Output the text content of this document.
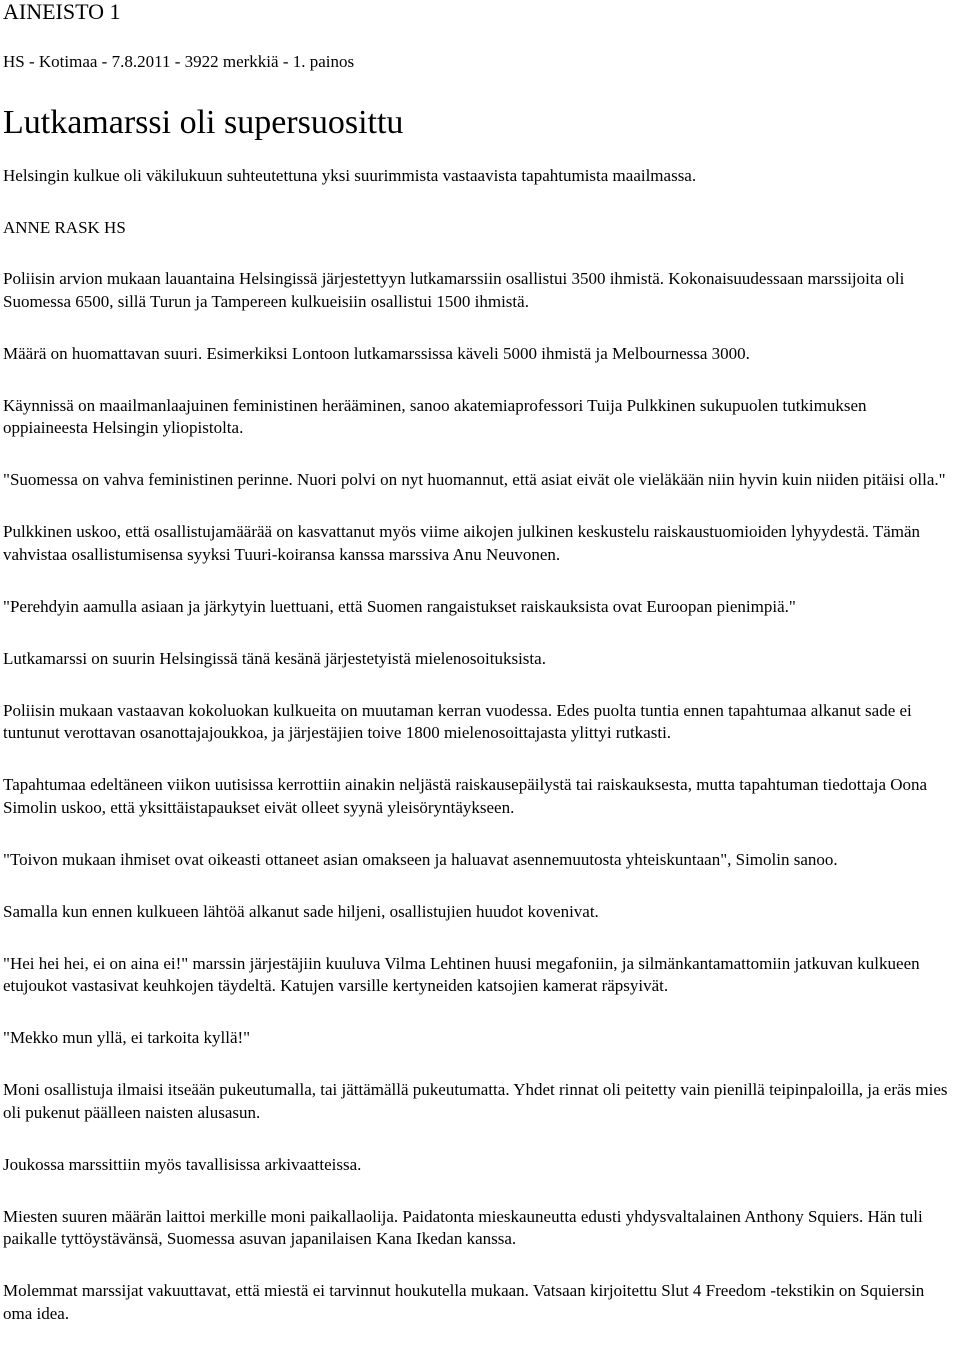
AINEISTO 1
HS - Kotimaa - 7.8.2011 - 3922 merkkiä - 1. painos
Lutkamarssi oli supersuosittu
Helsingin kulkue oli väkilukuun suhteutettuna yksi suurimmista vastaavista tapahtumista maailmassa.
ANNE RASK HS

Poliisin arvion mukaan lauantaina Helsingissä järjestettyyn lutkamarssiin osallistui 3500 ihmistä. Kokonaisuudessaan marssijoita oli Suomessa 6500, sillä Turun ja Tampereen kulkueisiin osallistui 1500 ihmistä.

Määrä on huomattavan suuri. Esimerkiksi Lontoon lutkamarssissa käveli 5000 ihmistä ja Melbournessa 3000.

Käynnissä on maailmanlaajuinen feministinen herääminen, sanoo akatemiaprofessori Tuija Pulkkinen sukupuolen tutkimuksen oppiaineesta Helsingin yliopistolta.

"Suomessa on vahva feministinen perinne. Nuori polvi on nyt huomannut, että asiat eivät ole vieläkään niin hyvin kuin niiden pitäisi olla."

Pulkkinen uskoo, että osallistujamäärää on kasvattanut myös viime aikojen julkinen keskustelu raiskaustuomioiden lyhyydestä. Tämän vahvistaa osallistumisensa syyksi Tuuri-koiransa kanssa marssiva Anu Neuvonen.

"Perehdyin aamulla asiaan ja järkytyin luettuani, että Suomen rangaistukset raiskauksista ovat Euroopan pienimpiä."

Lutkamarssi on suurin Helsingissä tänä kesänä järjestetyistä mielenosoituksista.

Poliisin mukaan vastaavan kokoluokan kulkueita on muutaman kerran vuodessa. Edes puolta tuntia ennen tapahtumaa alkanut sade ei tuntunut verottavan osanottajajoukkoa, ja järjestäjien toive 1800 mielenosoittajasta ylittyi rutkasti.

Tapahtumaa edeltäneen viikon uutisissa kerrottiin ainakin neljästä raiskausepäilystä tai raiskauksesta, mutta tapahtuman tiedottaja Oona Simolin uskoo, että yksittäistapaukset eivät olleet syynä yleisöryntäykseen.

"Toivon mukaan ihmiset ovat oikeasti ottaneet asian omakseen ja haluavat asennemuutosta yhteiskuntaan", Simolin sanoo.

Samalla kun ennen kulkueen lähtöä alkanut sade hiljeni, osallistujien huudot kovenivat.

"Hei hei hei, ei on aina ei!" marssin järjestäjiin kuuluva Vilma Lehtinen huusi megafoniin, ja silmänkantamattomiin jatkuvan kulkueen etujoukot vastasivat keuhkojen täydeltä. Katujen varsille kertyneiden katsojien kamerat räpsyivät.

"Mekko mun yllä, ei tarkoita kyllä!"

Moni osallistuja ilmaisi itseään pukeutumalla, tai jättämällä pukeutumatta. Yhdet rinnat oli peitetty vain pienillä teipinpaloilla, ja eräs mies oli pukenut päälleen naisten alusasun.

Joukossa marssittiin myös tavallisissa arkivaatteissa.

Miesten suuren määrän laittoi merkille moni paikallaolija. Paidatonta mieskauneutta edusti yhdysvaltalainen Anthony Squiers. Hän tuli paikalle tyttöystävänsä, Suomessa asuvan japanilaisen Kana Ikedan kanssa.

Molemmat marssijat vakuuttavat, että miestä ei tarvinnut houkutella mukaan. Vatsaan kirjoitettu Slut 4 Freedom -tekstikin on Squiersin oma idea.
